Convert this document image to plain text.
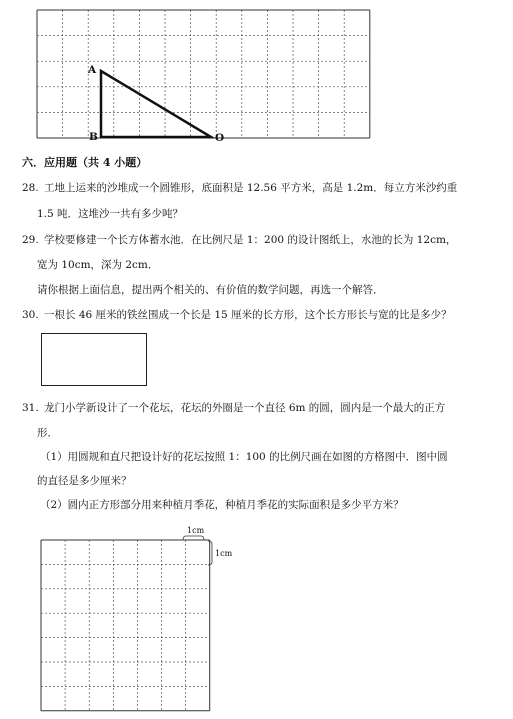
A
B	O
六．应用题（共 4 小题）
28. 工地上运来的沙堆成一个圆锥形，底面积是 12.56 平方米，高是 1.2m．每立方米沙约重
1.5 吨．这堆沙一共有多少吨？
29. 学校要修建一个长方体蓄水池．在比例尺是 1：200 的设计图纸上，水池的长为 12cm，
宽为 10cm，深为 2cm．
请你根据上面信息，提出两个相关的、有价值的数学问题，再选一个解答．
30. 一根长 46 厘米的铁丝围成一个长是 15 厘米的长方形，这个长方形长与宽的比是多少？
31. 龙门小学新设计了一个花坛，花坛的外圈是一个直径 6m 的圆，圆内是一个最大的正方
形．
（1）用圆规和直尺把设计好的花坛按照 1：100 的比例尺画在如图的方格图中．图中圆
的直径是多少厘米？
（2）圆内正方形部分用来种植月季花，种植月季花的实际面积是多少平方米？
1cm
1cm
